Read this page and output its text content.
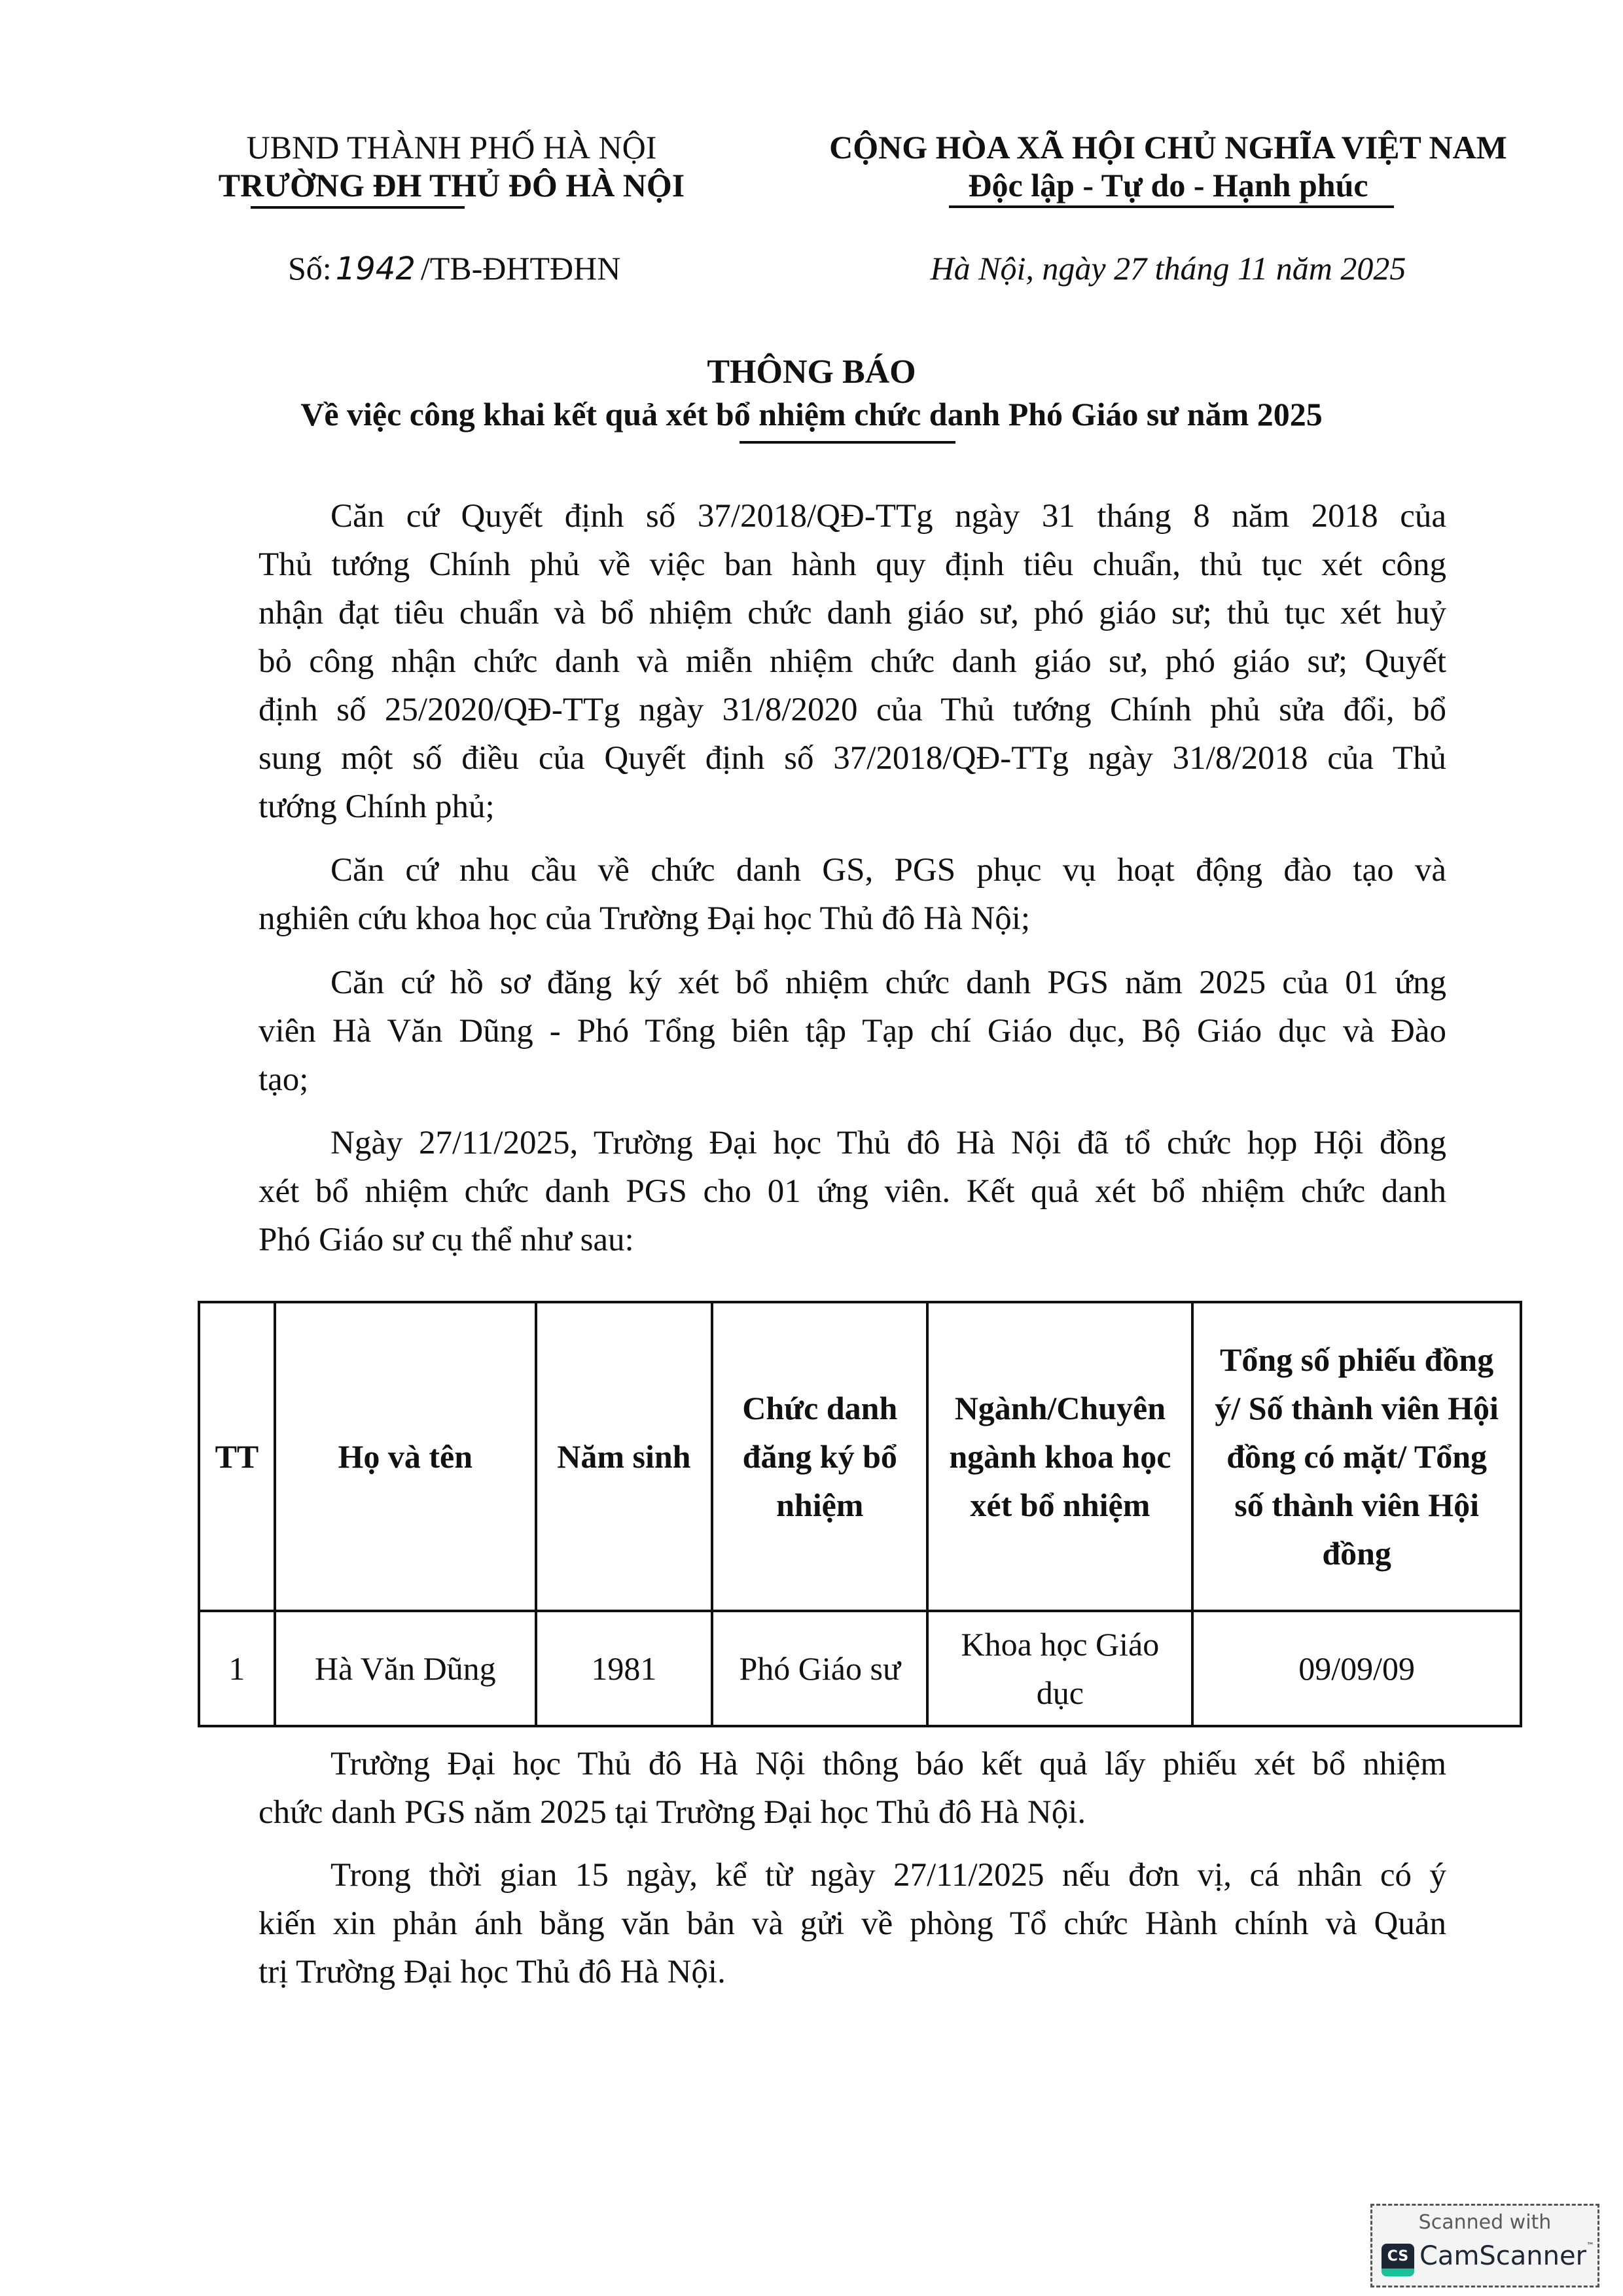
UBND THÀNH PHỐ HÀ NỘI
TRƯỜNG ĐH THỦ ĐÔ HÀ NỘI
Số: 1942 /TB-ĐHTĐHN
CỘNG HÒA XÃ HỘI CHỦ NGHĨA VIỆT NAM
Độc lập - Tự do - Hạnh phúc
Hà Nội, ngày 27 tháng 11 năm 2025
THÔNG BÁO
Về việc công khai kết quả xét bổ nhiệm chức danh Phó Giáo sư năm 2025
Căn cứ Quyết định số 37/2018/QĐ-TTg ngày 31 tháng 8 năm 2018 của
Thủ tướng Chính phủ về việc ban hành quy định tiêu chuẩn, thủ tục xét công
nhận đạt tiêu chuẩn và bổ nhiệm chức danh giáo sư, phó giáo sư; thủ tục xét huỷ
bỏ công nhận chức danh và miễn nhiệm chức danh giáo sư, phó giáo sư; Quyết
định số 25/2020/QĐ-TTg ngày 31/8/2020 của Thủ tướng Chính phủ sửa đổi, bổ
sung một số điều của Quyết định số 37/2018/QĐ-TTg ngày 31/8/2018 của Thủ
tướng Chính phủ;
Căn cứ nhu cầu về chức danh GS, PGS phục vụ hoạt động đào tạo và
nghiên cứu khoa học của Trường Đại học Thủ đô Hà Nội;
Căn cứ hồ sơ đăng ký xét bổ nhiệm chức danh PGS năm 2025 của 01 ứng
viên Hà Văn Dũng - Phó Tổng biên tập Tạp chí Giáo dục, Bộ Giáo dục và Đào
tạo;
Ngày 27/11/2025, Trường Đại học Thủ đô Hà Nội đã tổ chức họp Hội đồng
xét bổ nhiệm chức danh PGS cho 01 ứng viên. Kết quả xét bổ nhiệm chức danh
Phó Giáo sư cụ thể như sau:
TT	Họ và tên	Năm sinh	Chức danh đăng ký bổ nhiệm	Ngành/Chuyên ngành khoa học xét bổ nhiệm	Tổng số phiếu đồng ý/ Số thành viên Hội đồng có mặt/ Tổng số thành viên Hội đồng
1	Hà Văn Dũng	1981	Phó Giáo sư	Khoa học Giáo dục	09/09/09
Trường Đại học Thủ đô Hà Nội thông báo kết quả lấy phiếu xét bổ nhiệm
chức danh PGS năm 2025 tại Trường Đại học Thủ đô Hà Nội.
Trong thời gian 15 ngày, kể từ ngày 27/11/2025 nếu đơn vị, cá nhân có ý
kiến xin phản ánh bằng văn bản và gửi về phòng Tổ chức Hành chính và Quản
trị Trường Đại học Thủ đô Hà Nội.
Scanned with
CS CamScanner™
